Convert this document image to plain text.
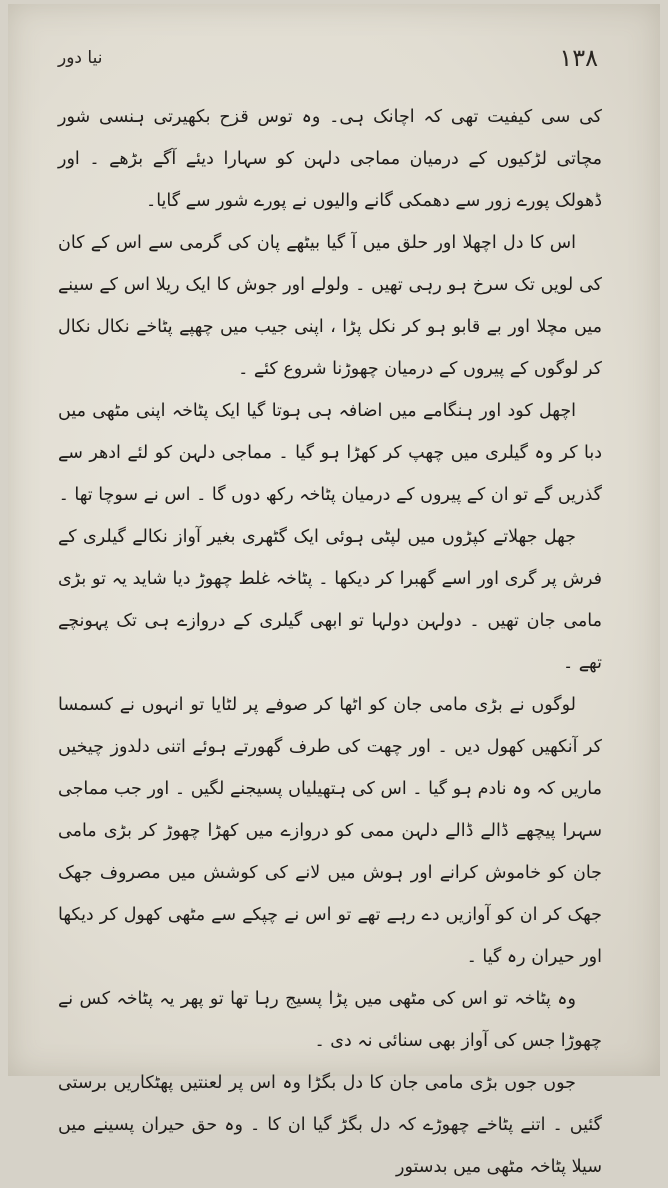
نیا دور	١٣٨

کی سی کیفیت تھی کہ اچانک ہی۔ وہ توس قزح بکھیرتی ہنسی شور مچاتی لڑکیوں کے درمیان مماجی دلہن کو سہارا دیئے آگے بڑھے ۔ اور ڈھولک پورے زور سے دھمکی گانے والیوں نے پورے شور سے گایا۔

اس کا دل اچھلا اور حلق میں آ گیا بیٹھے پان کی گرمی سے اس کے کان کی لویں تک سرخ ہو رہی تھیں ۔ ولولے اور جوش کا ایک ریلا اس کے سینے میں مچلا اور بے قابو ہو کر نکل پڑا ، اپنی جیب میں چھپے پٹاخے نکال نکال کر لوگوں کے پیروں کے درمیان چھوڑنا شروع کئے ۔

اچھل کود اور ہنگامے میں اضافہ ہی ہوتا گیا ایک پٹاخہ اپنی مٹھی میں دبا کر وہ گیلری میں چھپ کر کھڑا ہو گیا ۔ مماجی دلہن کو لئے ادھر سے گذریں گے تو ان کے پیروں کے درمیان پٹاخہ رکھ دوں گا ۔ اس نے سوچا تھا ۔

جھل جھلاتے کپڑوں میں لپٹی ہوئی ایک گٹھری بغیر آواز نکالے گیلری کے فرش پر گری اور اسے گھبرا کر دیکھا ۔ پٹاخہ غلط چھوڑ دیا شاید یہ تو بڑی مامی جان تھیں ۔ دولہن دولہا تو ابھی گیلری کے دروازے ہی تک پہونچے تھے ۔

لوگوں نے بڑی مامی جان کو اٹھا کر صوفے پر لٹایا تو انہوں نے کسمسا کر آنکھیں کھول دیں ۔ اور چھت کی طرف گھورتے ہوئے اتنی دلدوز چیخیں ماریں کہ وہ نادم ہو گیا ۔ اس کی ہتھیلیاں پسیجنے لگیں ۔ اور جب مماجی سہرا پیچھے ڈالے ڈالے دلہن ممی کو دروازے میں کھڑا چھوڑ کر بڑی مامی جان کو خاموش کرانے اور ہوش میں لانے کی کوشش میں مصروف جھک جھک کر ان کو آوازیں دے رہے تھے تو اس نے چپکے سے مٹھی کھول کر دیکھا اور حیران رہ گیا ۔

وہ پٹاخہ تو اس کی مٹھی میں پڑا پسیج رہا تھا تو پھر یہ پٹاخہ کس نے چھوڑا جس کی آواز بھی سنائی نہ دی ۔

جوں جوں بڑی مامی جان کا دل بگڑا وہ اس پر لعنتیں پھٹکاریں برستی گئیں ۔ اتنے پٹاخے چھوڑے کہ دل بگڑ گیا ان کا ۔ وہ حق حیران پسینے میں سیلا پٹاخہ مٹھی میں بدستور
